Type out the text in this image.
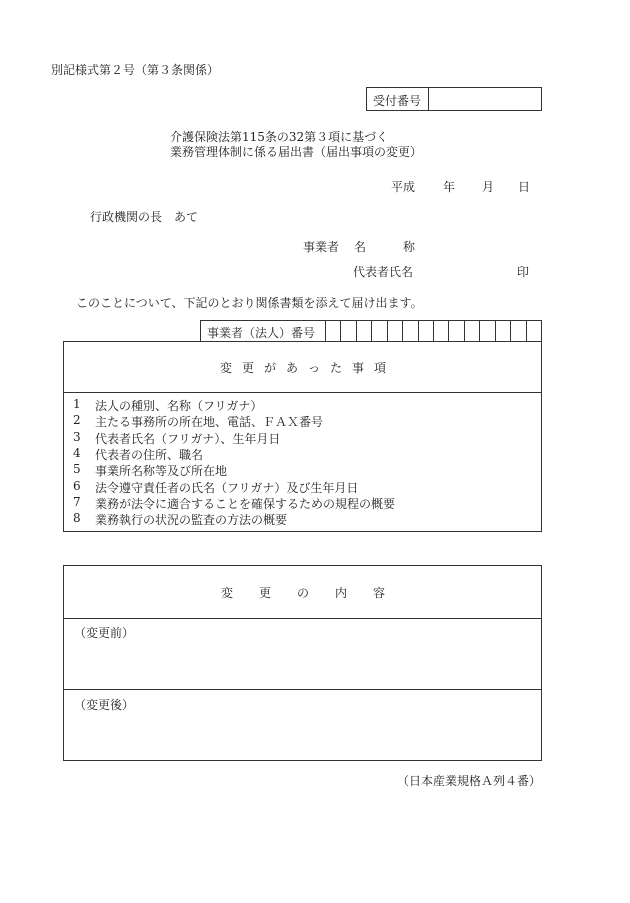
別記様式第２号（第３条関係）
受付番号
介護保険法第115条の32第３項に基づく
業務管理体制に係る届出書（届出事項の変更）
平成 年 月 日
行政機関の長　あて
事業者 名	称
代表者氏名	印
このことについて、下記のとおり関係書類を添えて届け出ます。
事業者（法人）番号
変 更 が あ っ た 事 項
1 法人の種別、名称（フリガナ）
2 主たる事務所の所在地、電話、ＦＡＸ番号
3 代表者氏名（フリガナ）、生年月日
4 代表者の住所、職名
5 事業所名称等及び所在地
6 法令遵守責任者の氏名（フリガナ）及び生年月日
7 業務が法令に適合することを確保するための規程の概要
8 業務執行の状況の監査の方法の概要
変 更 の 内 容
（変更前）
（変更後）
（日本産業規格Ａ列４番）
